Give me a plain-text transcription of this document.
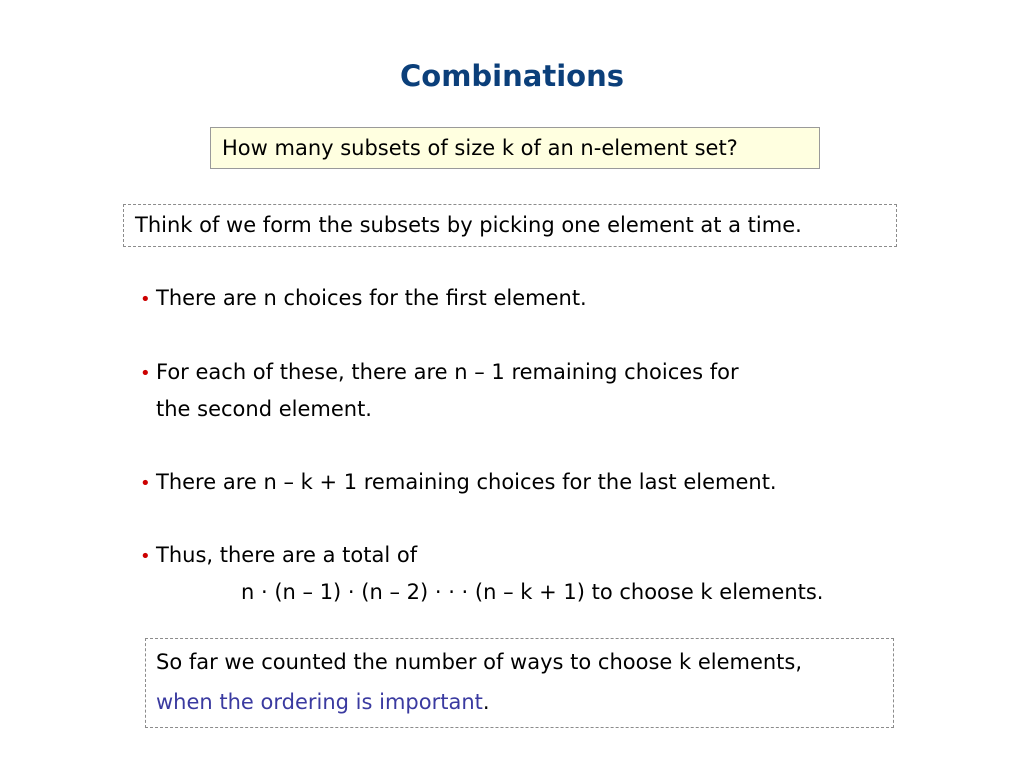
Combinations
How many subsets of size k of an n-element set?
Think of we form the subsets by picking one element at a time.
• There are n choices for the first element.
• For each of these, there are n – 1 remaining choices for
the second element.
• There are n – k + 1 remaining choices for the last element.
• Thus, there are a total of
n · (n – 1) · (n – 2) · · · (n – k + 1) to choose k elements.
So far we counted the number of ways to choose k elements,
when the ordering is important.
